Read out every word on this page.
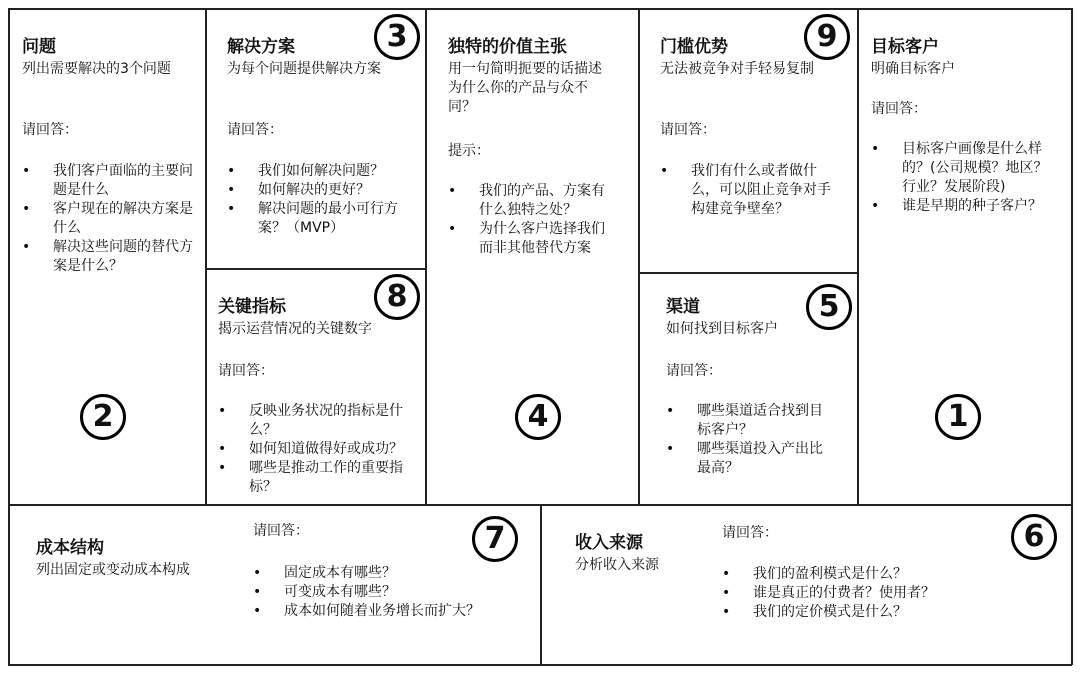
问题
列出需要解决的3个问题
请回答：
• 我们客户面临的主要问题是什么
• 客户现在的解决方案是什么
• 解决这些问题的替代方案是什么？
2
解决方案
为每个问题提供解决方案
请回答：
• 我们如何解决问题？
• 如何解决的更好？
• 解决问题的最小可行方案？（MVP）
3
关键指标
揭示运营情况的关键数字
请回答：
• 反映业务状况的指标是什么？
• 如何知道做得好或成功？
• 哪些是推动工作的重要指标？
8
独特的价值主张
用一句简明扼要的话描述为什么你的产品与众不同？
提示：
• 我们的产品、方案有什么独特之处？
• 为什么客户选择我们而非其他替代方案
4
门槛优势
无法被竞争对手轻易复制
请回答：
• 我们有什么或者做什么，可以阻止竞争对手构建竞争壁垒？
9
渠道
如何找到目标客户
请回答：
• 哪些渠道适合找到目标客户？
• 哪些渠道投入产出比最高？
5
目标客户
明确目标客户
请回答：
• 目标客户画像是什么样的？(公司规模？地区？行业？发展阶段)
• 谁是早期的种子客户？
1
成本结构
列出固定或变动成本构成
请回答：
• 固定成本有哪些？
• 可变成本有哪些？
• 成本如何随着业务增长而扩大？
7	收入来源
分析收入来源
请回答：
• 我们的盈利模式是什么？
• 谁是真正的付费者？使用者？
• 我们的定价模式是什么？
6
